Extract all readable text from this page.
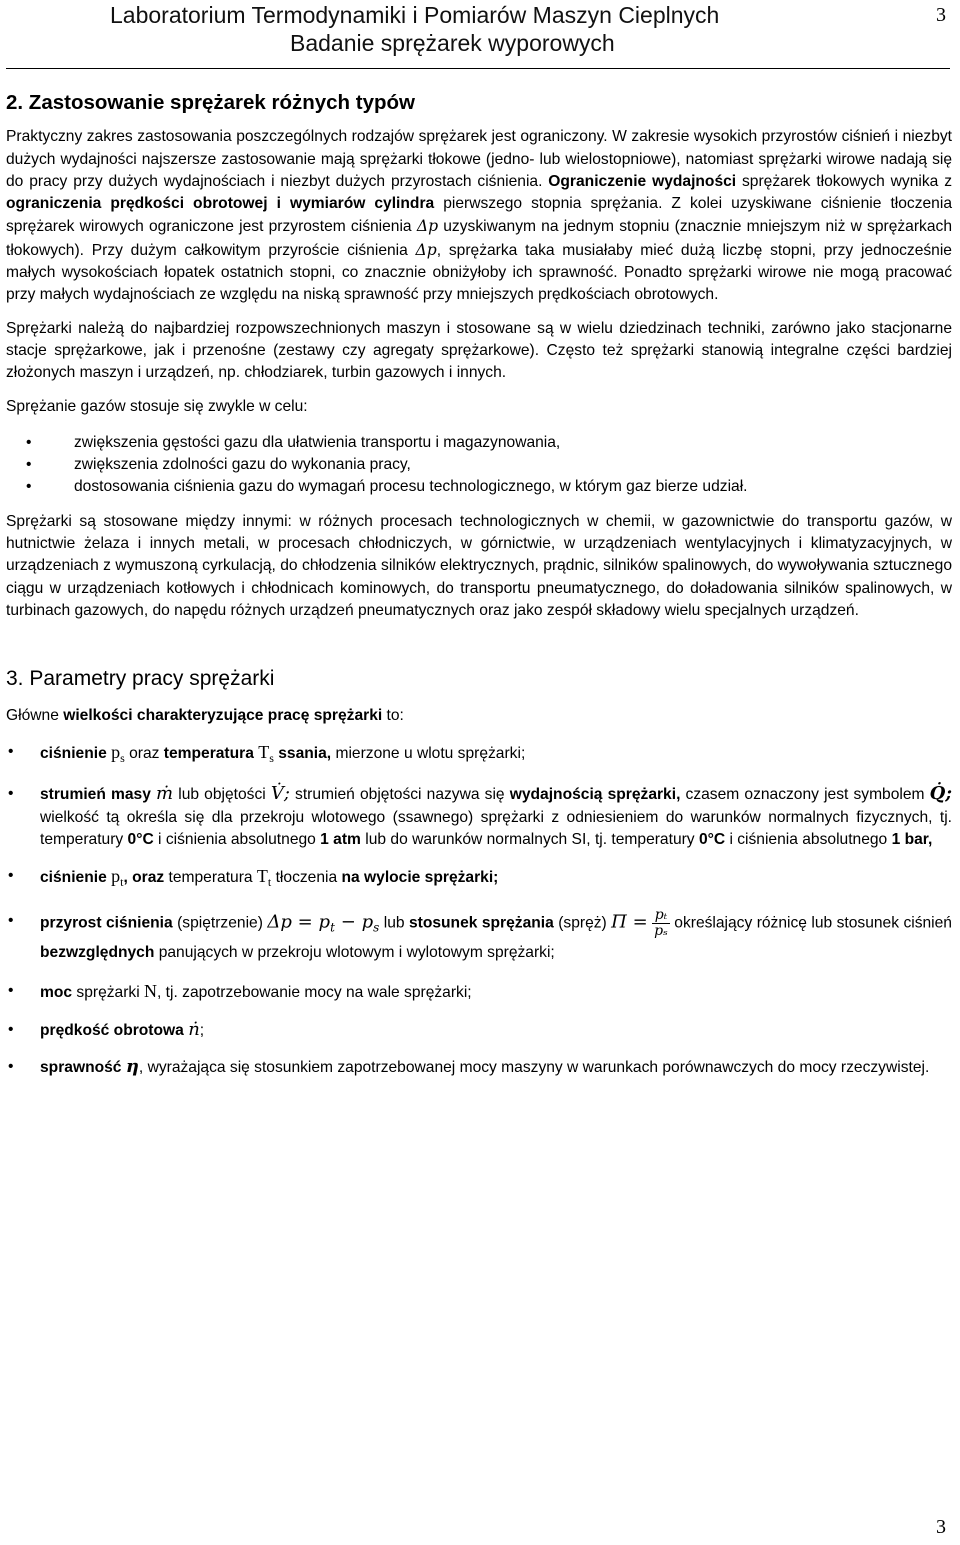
Laboratorium Termodynamiki i Pomiarów Maszyn Cieplnych
Badanie sprężarek wyporowych
3
2. Zastosowanie sprężarek różnych typów

Praktyczny zakres zastosowania poszczególnych rodzajów sprężarek jest ograniczony. W zakresie wysokich przyrostów ciśnień i niezbyt dużych wydajności najszersze zastosowanie mają sprężarki tłokowe (jedno- lub wielostopniowe), natomiast sprężarki wirowe nadają się do pracy przy dużych wydajnościach i niezbyt dużych przyrostach ciśnienia. Ograniczenie wydajności sprężarek tłokowych wynika z ograniczenia prędkości obrotowej i wymiarów cylindra pierwszego stopnia sprężania. Z kolei uzyskiwane ciśnienie tłoczenia sprężarek wirowych ograniczone jest przyrostem ciśnienia Δp uzyskiwanym na jednym stopniu (znacznie mniejszym niż w sprężarkach tłokowych). Przy dużym całkowitym przyroście ciśnienia Δp, sprężarka taka musiałaby mieć dużą liczbę stopni, przy jednocześnie małych wysokościach łopatek ostatnich stopni, co znacznie obniżyłoby ich sprawność. Ponadto sprężarki wirowe nie mogą pracować przy małych wydajnościach ze względu na niską sprawność przy mniejszych prędkościach obrotowych.

Sprężarki należą do najbardziej rozpowszechnionych maszyn i stosowane są w wielu dziedzinach techniki, zarówno jako stacjonarne stacje sprężarkowe, jak i przenośne (zestawy czy agregaty sprężarkowe). Często też sprężarki stanowią integralne części bardziej złożonych maszyn i urządzeń, np. chłodziarek, turbin gazowych i innych.

Sprężanie gazów stosuje się zwykle w celu:

• zwiększenia gęstości gazu dla ułatwienia transportu i magazynowania,
• zwiększenia zdolności gazu do wykonania pracy,
• dostosowania ciśnienia gazu do wymagań procesu technologicznego, w którym gaz bierze udział.

Sprężarki są stosowane między innymi: w różnych procesach technologicznych w chemii, w gazownictwie do transportu gazów, w hutnictwie żelaza i innych metali, w procesach chłodniczych, w górnictwie, w urządzeniach wentylacyjnych i klimatyzacyjnych, w urządzeniach z wymuszoną cyrkulacją, do chłodzenia silników elektrycznych, prądnic, silników spalinowych, do wywoływania sztucznego ciągu w urządzeniach kotłowych i chłodnicach kominowych, do transportu pneumatycznego, do doładowania silników spalinowych, w turbinach gazowych, do napędu różnych urządzeń pneumatycznych oraz jako zespół składowy wielu specjalnych urządzeń.

3. Parametry pracy sprężarki

Główne wielkości charakteryzujące pracę sprężarki to:

• ciśnienie $p_s$ oraz temperatura $T_s$ ssania, mierzone u wlotu sprężarki;
• strumień masy ṁ lub objętości V̇; strumień objętości nazywa się wydajnością sprężarki, czasem oznaczony jest symbolem Q̇; wielkość tą określa się dla przekroju wlotowego (ssawnego) sprężarki z odniesieniem do warunków normalnych fizycznych, tj. temperatury 0°C i ciśnienia absolutnego 1 atm lub do warunków normalnych SI, tj. temperatury 0°C i ciśnienia absolutnego 1 bar,
• ciśnienie $p_t$, oraz temperatura $T_t$ tłoczenia na wylocie sprężarki;
• przyrost ciśnienia (spiętrzenie) $\Delta p = p_t - p_s$ lub stosunek sprężania (spręż) $\Pi = \frac{\text{pₜ}}{\text{pₛ}}$ określający różnicę lub stosunek ciśnień bezwzględnych panujących w przekroju wlotowym i wylotowym sprężarki;
• moc sprężarki N, tj. zapotrzebowanie mocy na wale sprężarki;
• prędkość obrotowa ṅ;
• sprawność η, wyrażająca się stosunkiem zapotrzebowanej mocy maszyny w warunkach porównawczych do mocy rzeczywistej.
3
